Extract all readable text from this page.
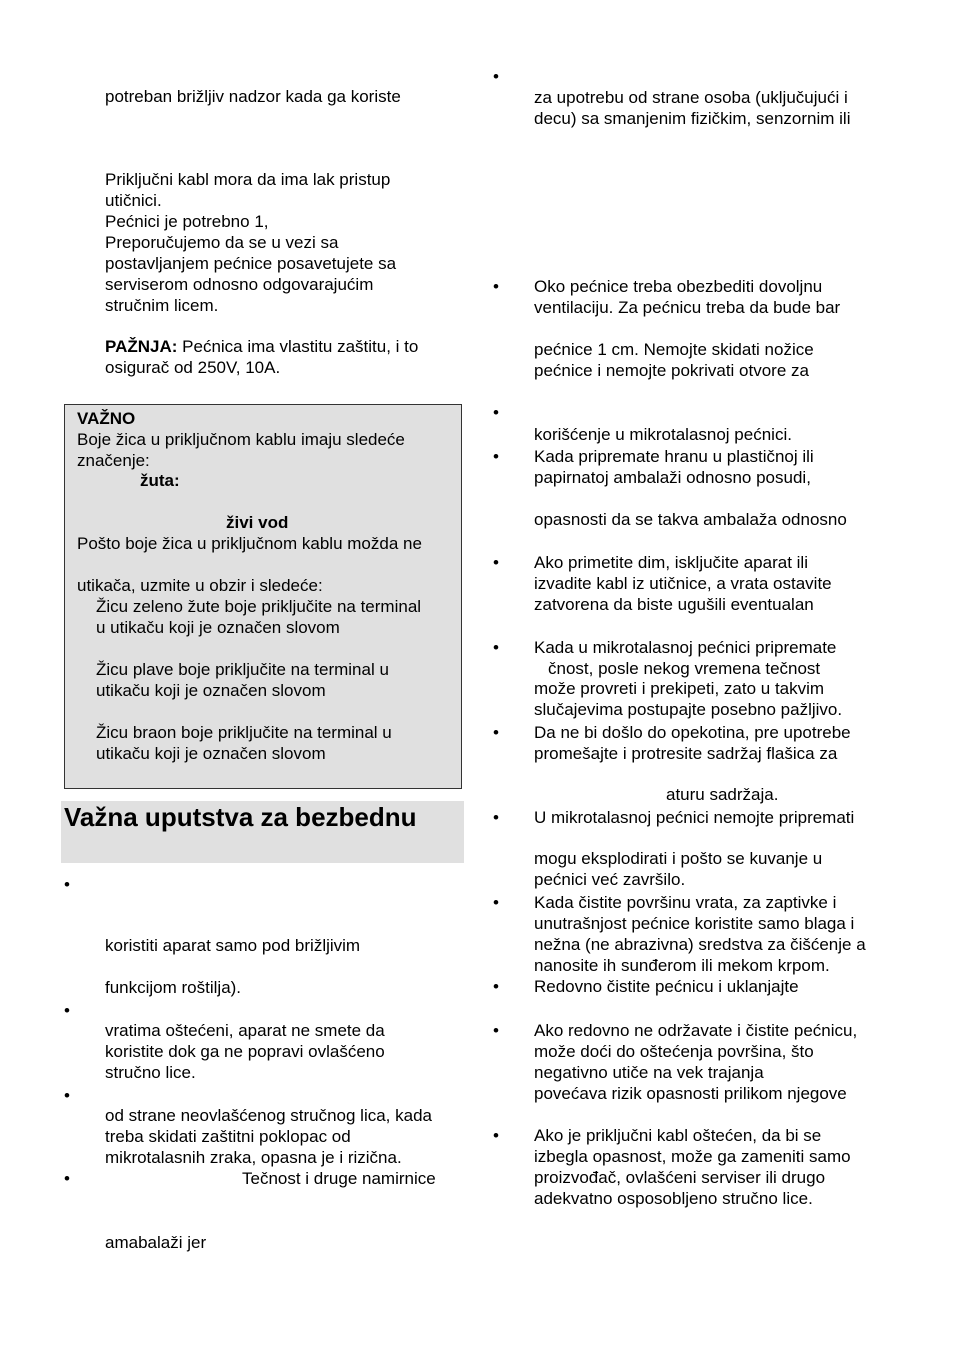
potreban brižljiv nadzor kada ga koriste
Priključni kabl mora da ima lak pristup
utičnici.
Pećnici je potrebno 1,
Preporučujemo da se u vezi sa
postavljanjem pećnice posavetujete sa
serviserom odnosno odgovarajućim
stručnim licem.
PAŽNJA: Pećnica ima vlastitu zaštitu, i to
osigurač od 250V, 10A.
VAŽNO
Boje žica u priključnom kablu imaju sledeće
značenje:
žuta:
živi vod
Pošto boje žica u priključnom kablu možda ne
utikača, uzmite u obzir i sledeće:
Žicu zeleno žute boje priključite na terminal
u utikaču koji je označen slovom
Žicu plave boje priključite na terminal u
utikaču koji je označen slovom
Žicu braon boje priključite na terminal u
utikaču koji je označen slovom
Važna uputstva za bezbednu
•
koristiti aparat samo pod brižljivim
funkcijom roštilja).
•
vratima oštećeni, aparat ne smete da
koristite dok ga ne popravi ovlašćeno
stručno lice.
•
od strane neovlašćenog stručnog lica, kada
treba skidati zaštitni poklopac od
mikrotalasnih zraka, opasna je i rizična.
•	Tečnost i druge namirnice
amabalaži jer
•
za upotrebu od strane osoba (uključujući i
decu) sa smanjenim fizičkim, senzornim ili
• Oko pećnice treba obezbediti dovoljnu
ventilaciju. Za pećnicu treba da bude bar
pećnice 1 cm. Nemojte skidati nožice
pećnice i nemojte pokrivati otvore za
•
korišćenje u mikrotalasnoj pećnici.
• Kada pripremate hranu u plastičnoj ili
papirnatoj ambalaži odnosno posudi,
opasnosti da se takva ambalaža odnosno
• Ako primetite dim, isključite aparat ili
izvadite kabl iz utičnice, a vrata ostavite
zatvorena da biste ugušili eventualan
• Kada u mikrotalasnoj pećnici pripremate
čnost, posle nekog vremena tečnost
može provreti i prekipeti, zato u takvim
slučajevima postupajte posebno pažljivo.
• Da ne bi došlo do opekotina, pre upotrebe
promešajte i protresite sadržaj flašica za
aturu sadržaja.
• U mikrotalasnoj pećnici nemojte pripremati
mogu eksplodirati i pošto se kuvanje u
pećnici već završilo.
• Kada čistite površinu vrata, za zaptivke i
unutrašnjost pećnice koristite samo blaga i
nežna (ne abrazivna) sredstva za čišćenje a
nanosite ih sunđerom ili mekom krpom.
• Redovno čistite pećnicu i uklanjajte
• Ako redovno ne održavate i čistite pećnicu,
može doći do oštećenja površina, što
negativno utiče na vek trajanja
povećava rizik opasnosti prilikom njegove
• Ako je priključni kabl oštećen, da bi se
izbegla opasnost, može ga zameniti samo
proizvođač, ovlašćeni serviser ili drugo
adekvatno osposobljeno stručno lice.
